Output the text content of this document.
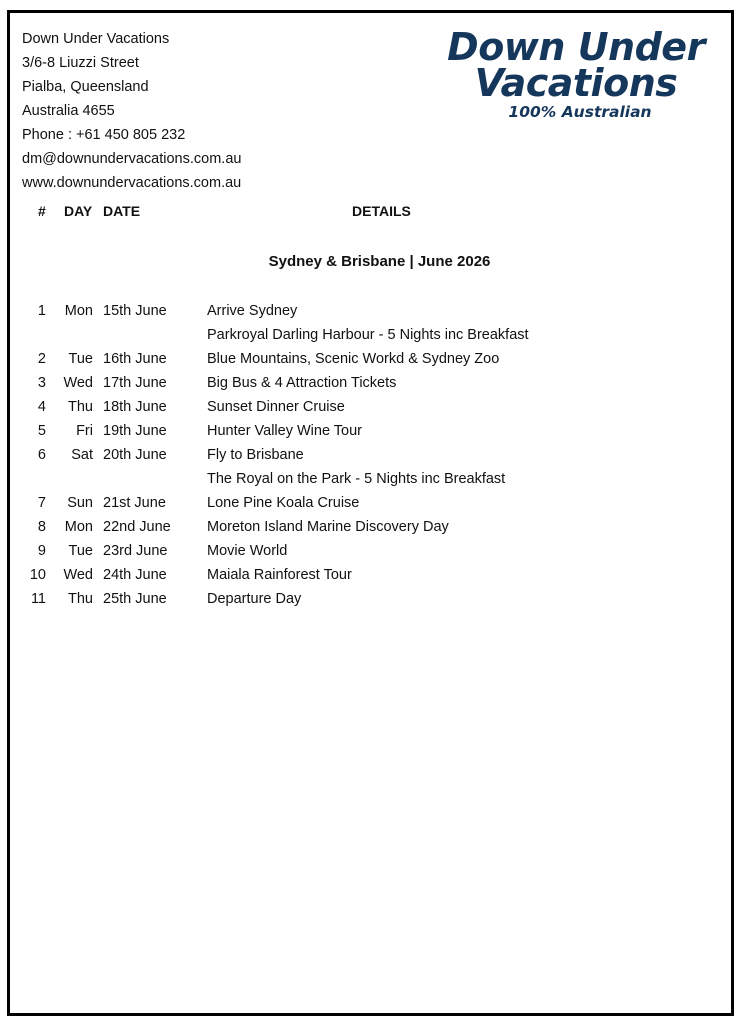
Down Under Vacations
3/6-8 Liuzzi Street
Pialba, Queensland
Australia 4655
Phone : +61 450 805 232
dm@downundervacations.com.au
www.downundervacations.com.au
Down Under
Vacations
100% Australian
# DAY DATE	DETAILS
Sydney & Brisbane | June 2026
1	Mon 15th June	Arrive Sydney
Parkroyal Darling Harbour - 5 Nights inc Breakfast
2	Tue 16th June	Blue Mountains, Scenic Workd & Sydney Zoo
3	Wed 17th June	Big Bus & 4 Attraction Tickets
4	Thu 18th June	Sunset Dinner Cruise
5	Fri 19th June	Hunter Valley Wine Tour
6	Sat 20th June	Fly to Brisbane
The Royal on the Park - 5 Nights inc Breakfast
7	Sun 21st June	Lone Pine Koala Cruise
8	Mon 22nd June	Moreton Island Marine Discovery Day
9	Tue 23rd June	Movie World
10	Wed 24th June	Maiala Rainforest Tour
11	Thu 25th June	Departure Day
